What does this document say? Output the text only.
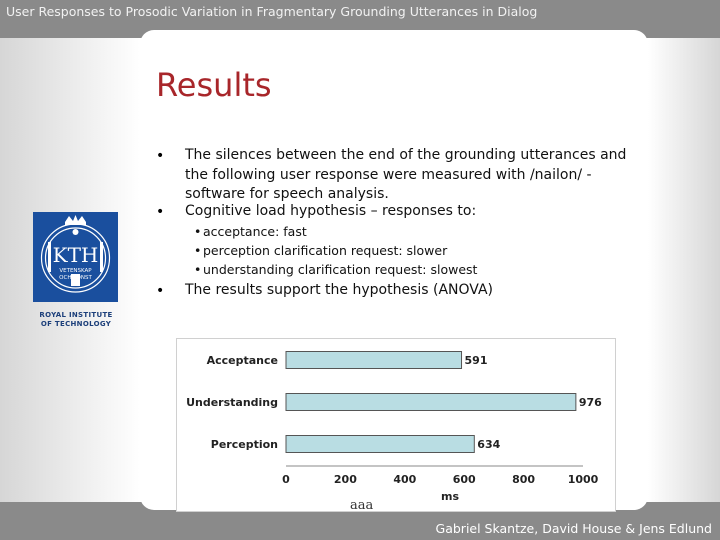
User Responses to Prosodic Variation in Fragmentary Grounding Utterances in Dialog
Results
• The silences between the end of the grounding utterances and the following user response were measured with /nailon/ - software for speech analysis.
• Cognitive load hypothesis – responses to:
• acceptance: fast
• perception clarification request: slower
• understanding clarification request: slowest
• The results support the hypothesis (ANOVA)
KTH
VETENSKAP
OCH KONST
ROYAL INSTITUTE
OF TECHNOLOGY
Acceptance	591
Understanding	976
Perception	634
0	200	400	600	800	1000
ms
aaa
Gabriel Skantze, David House & Jens Edlund
